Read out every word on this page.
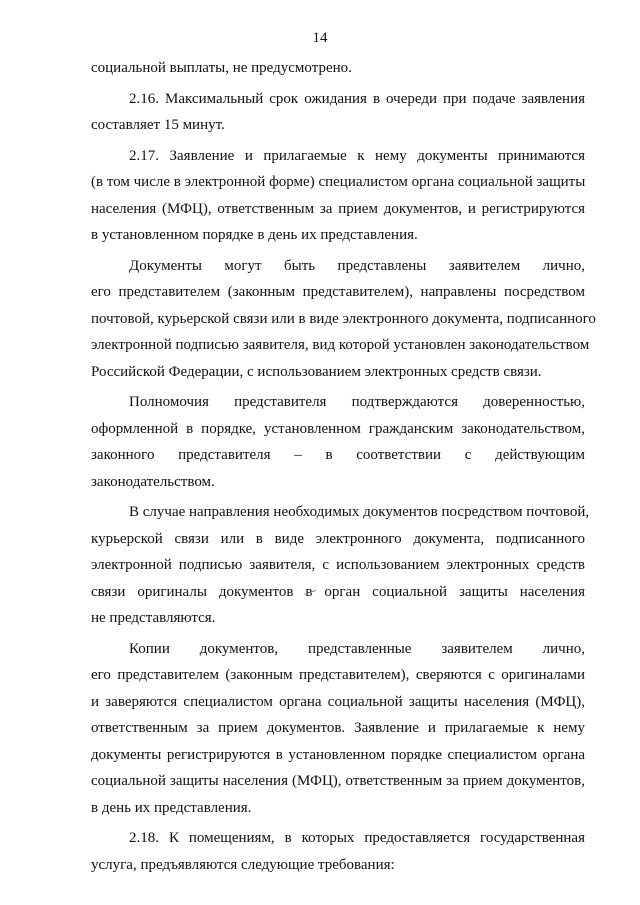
14

социальной выплаты, не предусмотрено.

2.16. Максимальный срок ожидания в очереди при подаче заявления
составляет 15 минут.

2.17. Заявление и прилагаемые к нему документы принимаются
(в том числе в электронной форме) специалистом органа социальной защиты
населения (МФЦ), ответственным за прием документов, и регистрируются
в установленном порядке в день их представления.

Документы могут быть представлены заявителем лично,
его представителем (законным представителем), направлены посредством
почтовой, курьерской связи или в виде электронного документа, подписанного
электронной подписью заявителя, вид которой установлен законодательством
Российской Федерации, с использованием электронных средств связи.

Полномочия представителя подтверждаются доверенностью,
оформленной в порядке, установленном гражданским законодательством,
законного представителя – в соответствии с действующим
законодательством.

В случае направления необходимых документов посредством почтовой,
курьерской связи или в виде электронного документа, подписанного
электронной подписью заявителя, с использованием электронных средств
связи оригиналы документов в орган социальной защиты населения
не представляются.

Копии документов, представленные заявителем лично,
его представителем (законным представителем), сверяются с оригиналами
и заверяются специалистом органа социальной защиты населения (МФЦ),
ответственным за прием документов. Заявление и прилагаемые к нему
документы регистрируются в установленном порядке специалистом органа
социальной защиты населения (МФЦ), ответственным за прием документов,
в день их представления.

2.18. К помещениям, в которых предоставляется государственная
услуга, предъявляются следующие требования:
